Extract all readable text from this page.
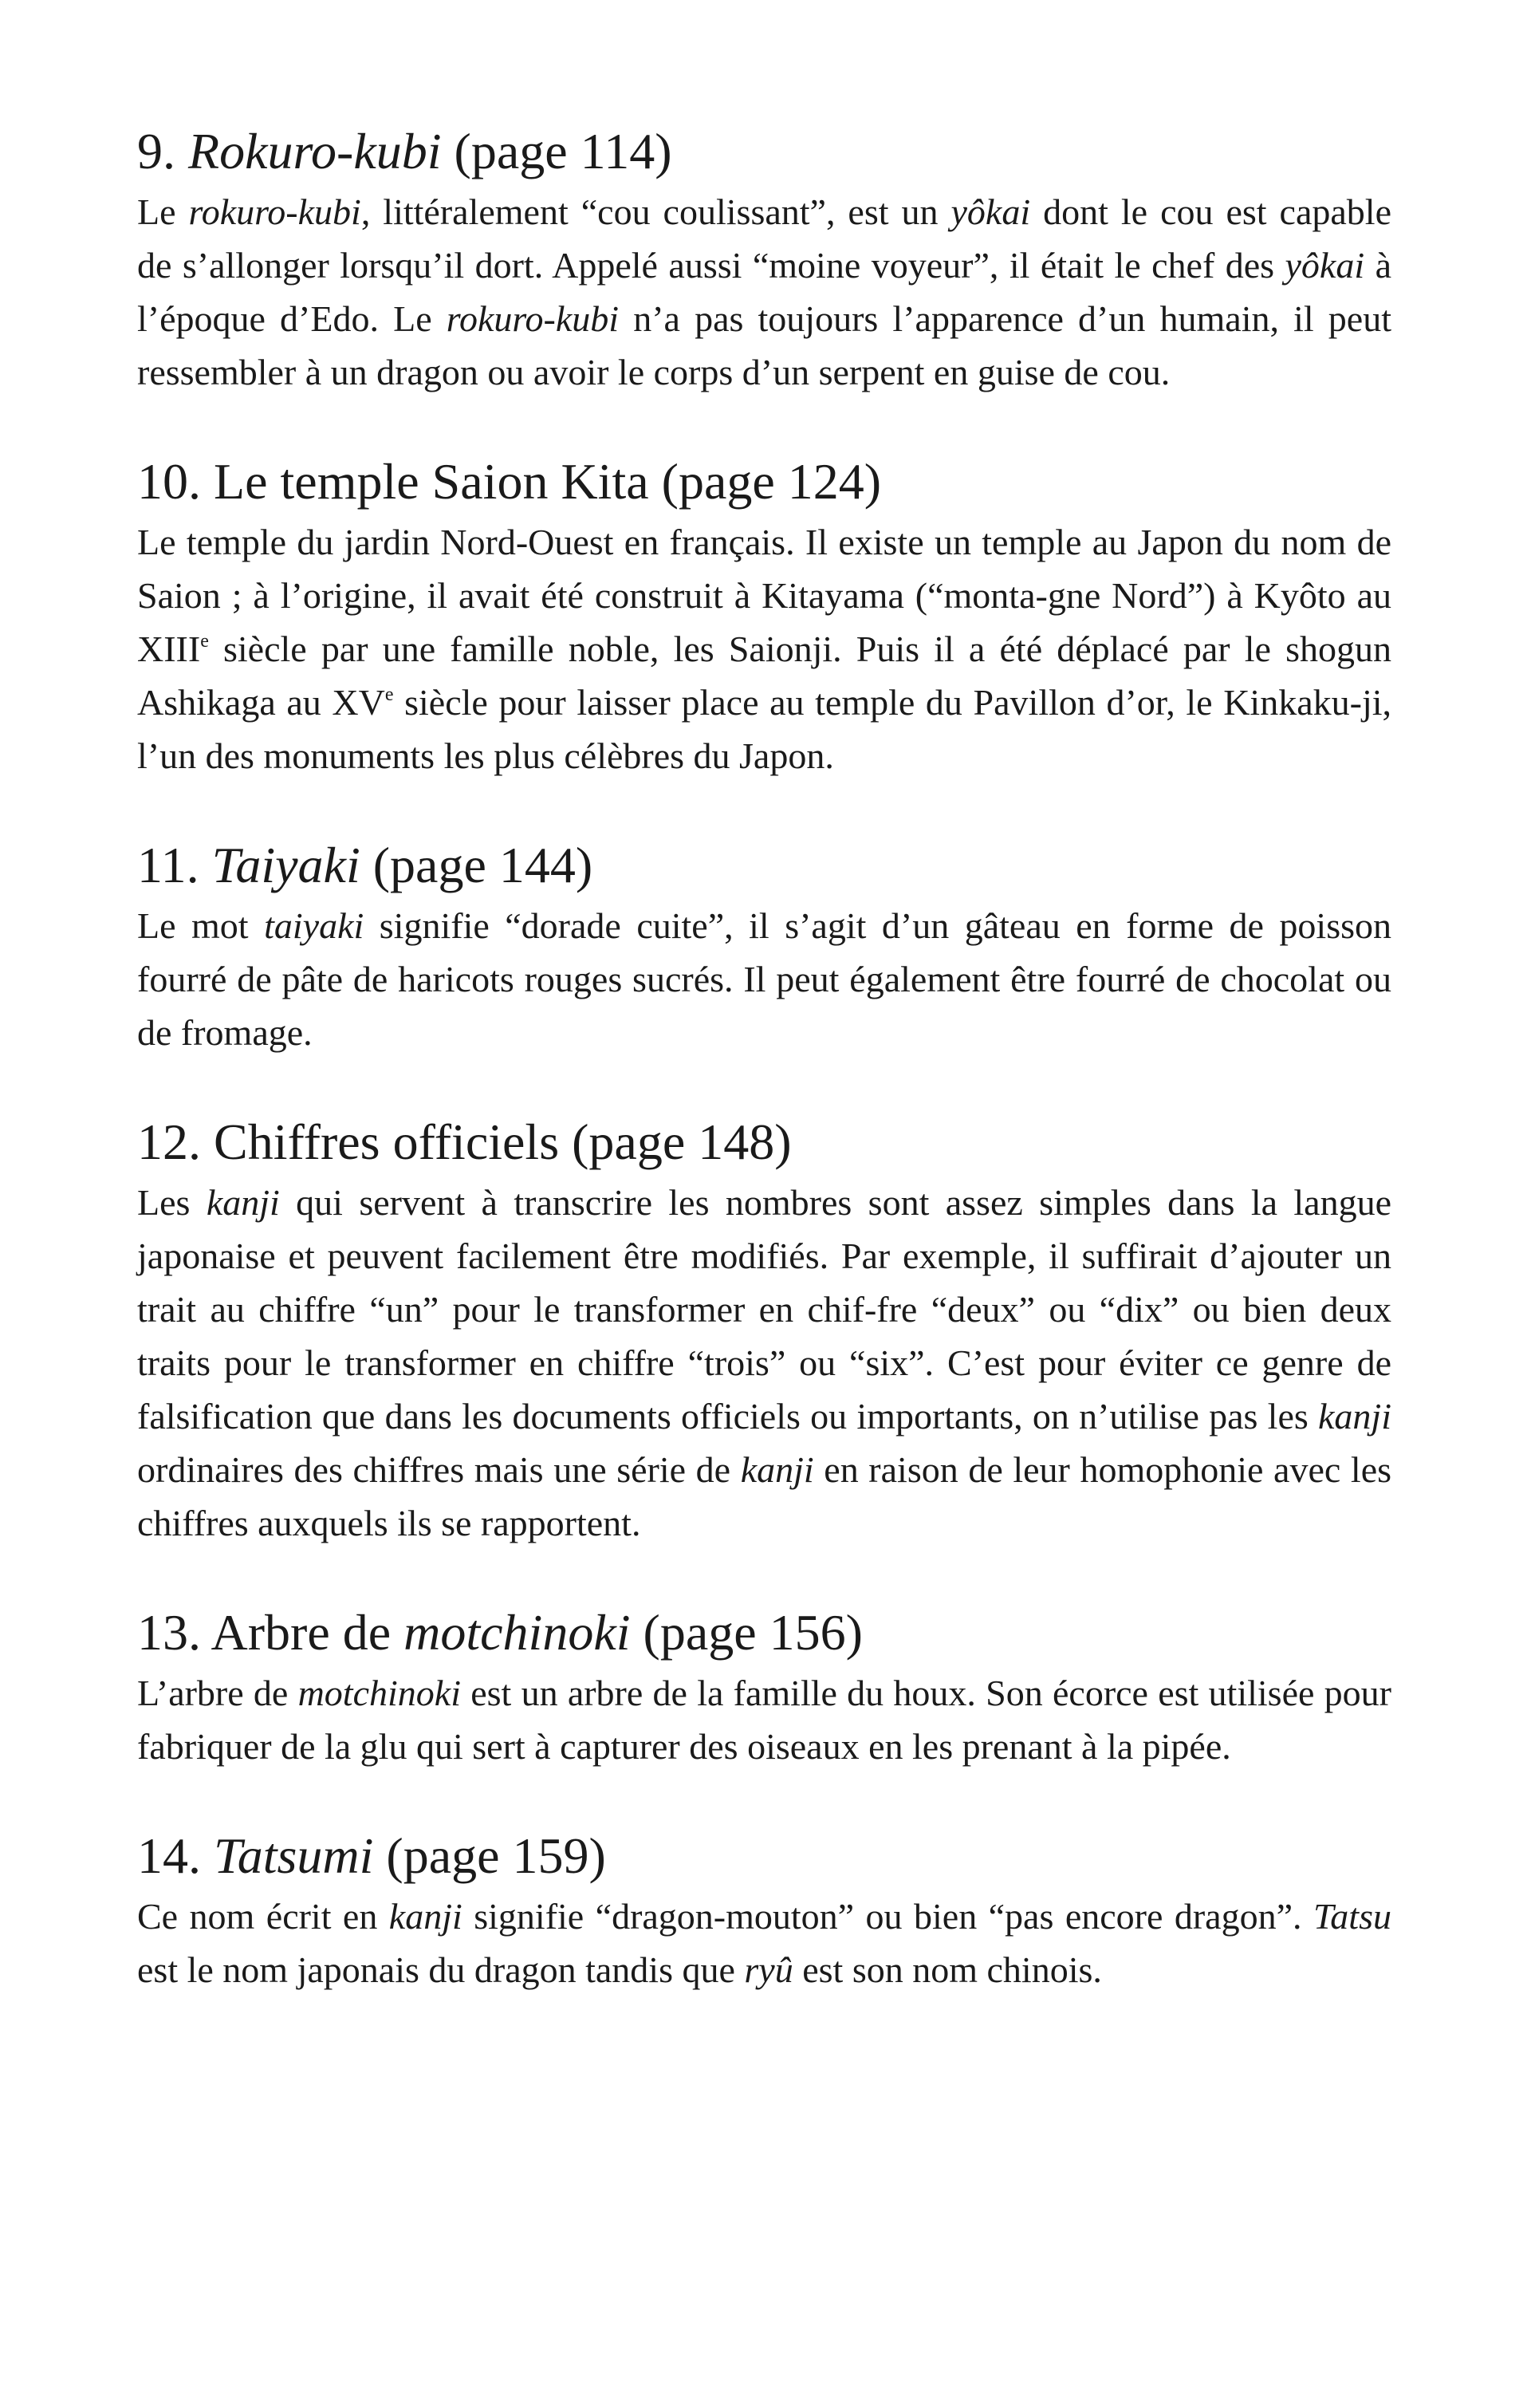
9. Rokuro-kubi (page 114)

Le rokuro-kubi, littéralement “cou coulissant”, est un yôkai dont le cou est capable de s’allonger lorsqu’il dort. Appelé aussi “moine voyeur”, il était le chef des yôkai à l’époque d’Edo. Le rokuro-kubi n’a pas toujours l’apparence d’un humain, il peut ressembler à un dragon ou avoir le corps d’un serpent en guise de cou.

10. Le temple Saion Kita (page 124)

Le temple du jardin Nord-Ouest en français. Il existe un temple au Japon du nom de Saion ; à l’origine, il avait été construit à Kitayama (“monta-gne Nord”) à Kyôto au XIIIe siècle par une famille noble, les Saionji. Puis il a été déplacé par le shogun Ashikaga au XVe siècle pour laisser place au temple du Pavillon d’or, le Kinkaku-ji, l’un des monuments les plus célèbres du Japon.

11. Taiyaki (page 144)

Le mot taiyaki signifie “dorade cuite”, il s’agit d’un gâteau en forme de poisson fourré de pâte de haricots rouges sucrés. Il peut également être fourré de chocolat ou de fromage.

12. Chiffres officiels (page 148)

Les kanji qui servent à transcrire les nombres sont assez simples dans la langue japonaise et peuvent facilement être modifiés. Par exemple, il suffirait d’ajouter un trait au chiffre “un” pour le transformer en chif-fre “deux” ou “dix” ou bien deux traits pour le transformer en chiffre “trois” ou “six”. C’est pour éviter ce genre de falsification que dans les documents officiels ou importants, on n’utilise pas les kanji ordinaires des chiffres mais une série de kanji en raison de leur homophonie avec les chiffres auxquels ils se rapportent.

13. Arbre de motchinoki (page 156)

L’arbre de motchinoki est un arbre de la famille du houx. Son écorce est utilisée pour fabriquer de la glu qui sert à capturer des oiseaux en les prenant à la pipée.

14. Tatsumi (page 159)

Ce nom écrit en kanji signifie “dragon-mouton” ou bien “pas encore dragon”. Tatsu est le nom japonais du dragon tandis que ryû est son nom chinois.
